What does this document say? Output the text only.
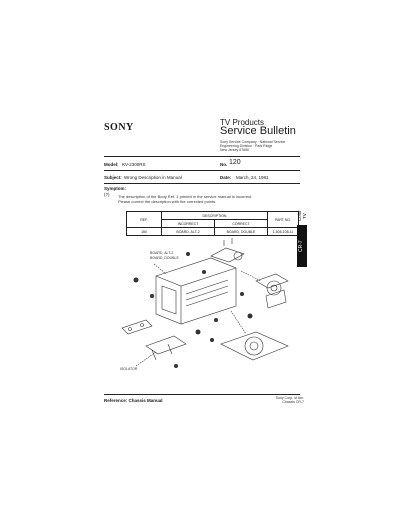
SONY	TV Products
Service Bulletin
Sony Service Company · National Service
Engineering Division · Park Ridge
New Jersey 07656
Model: KV-2300RS	No. 120
Subject: Wrong Description in Manual	Date: March, 24, 1981
Symptom:
(?) The description of the Body Ref. 1 printed in the service manual is incorrect.
Please correct the description with the corrected points.
REF.	DESCRIPTION		PART NO.
	INCORRECT	CORRECT	
150	BOARD, ALT-2	BOARD, DOUBLE	1-605-108-11
Color TV
CR-7
BOARD, ALT-2
BOARD, DOUBLE
ISOLATOR
Reference: Chassis Manual	Sony Corp. of Am.
Chassis CR-7
